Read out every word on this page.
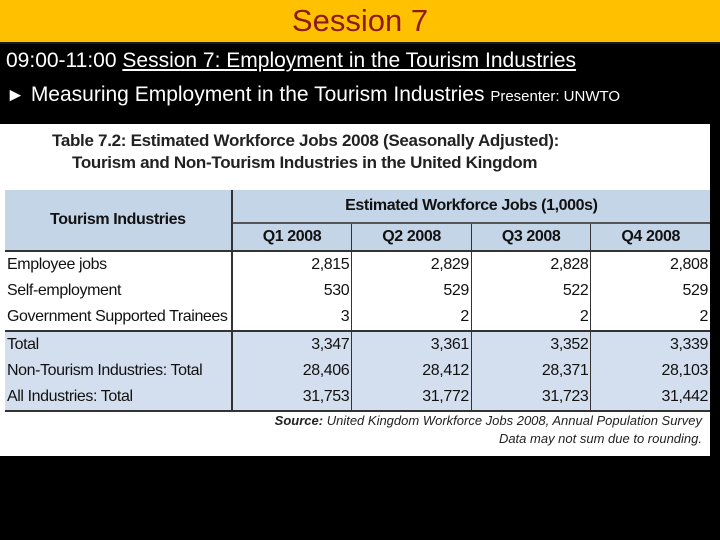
Session 7
09:00-11:00 Session 7: Employment in the Tourism Industries
► Measuring Employment in the Tourism Industries Presenter: UNWTO
Table 7.2: Estimated Workforce Jobs 2008 (Seasonally Adjusted):
Tourism and Non-Tourism Industries in the United Kingdom
Tourism Industries	Estimated Workforce Jobs (1,000s)			
	Q1 2008	Q2 2008	Q3 2008	Q4 2008
Employee jobs	2,815	2,829	2,828	2,808
Self-employment	530	529	522	529
Government Supported Trainees	3	2	2	2
Total	3,347	3,361	3,352	3,339
Non-Tourism Industries: Total	28,406	28,412	28,371	28,103
All Industries: Total	31,753	31,772	31,723	31,442
Source: United Kingdom Workforce Jobs 2008, Annual Population Survey
Data may not sum due to rounding.
